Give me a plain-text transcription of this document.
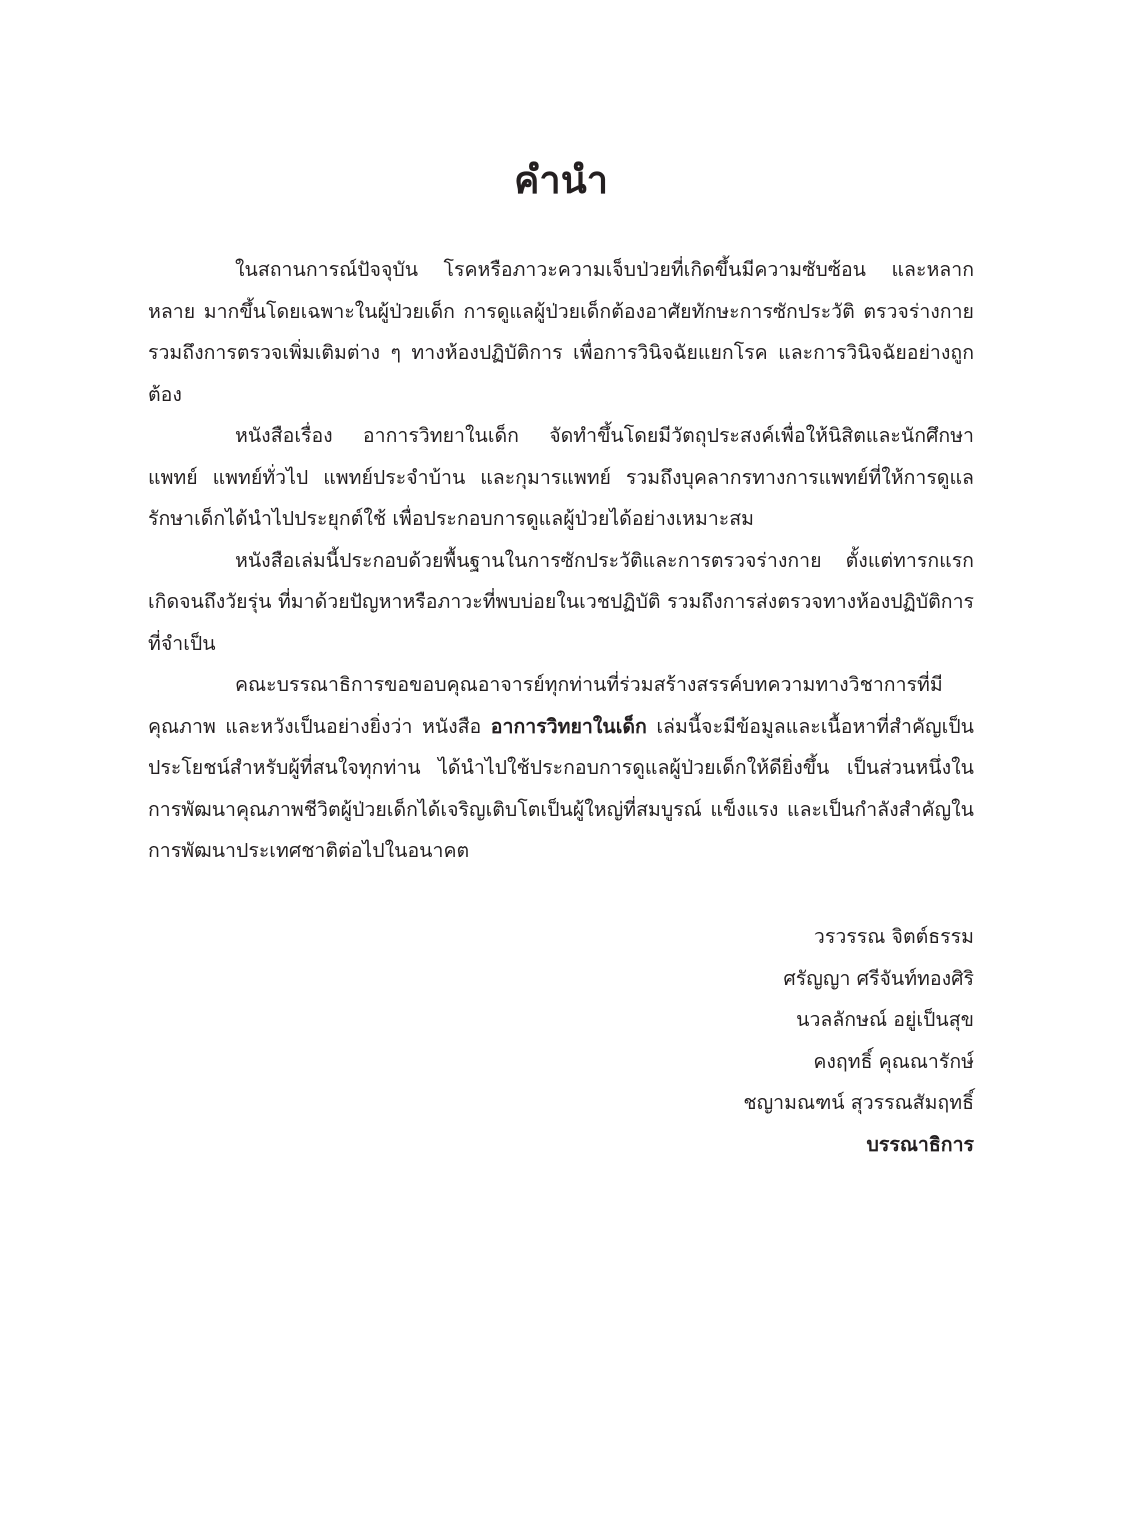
คำนำ

ในสถานการณ์ปัจจุบัน โรคหรือภาวะความเจ็บป่วยที่เกิดขึ้นมีความซับซ้อน และหลากหลาย มากขึ้นโดยเฉพาะในผู้ป่วยเด็ก การดูแลผู้ป่วยเด็กต้องอาศัยทักษะการซักประวัติ ตรวจร่างกายรวมถึงการตรวจเพิ่มเติมต่าง ๆ ทางห้องปฏิบัติการ เพื่อการวินิจฉัยแยกโรค และการวินิจฉัยอย่างถูกต้อง

หนังสือเรื่อง อาการวิทยาในเด็ก จัดทำขึ้นโดยมีวัตถุประสงค์เพื่อให้นิสิตและนักศึกษาแพทย์ แพทย์ทั่วไป แพทย์ประจำบ้าน และกุมารแพทย์ รวมถึงบุคลากรทางการแพทย์ที่ให้การดูแลรักษาเด็กได้นำไปประยุกต์ใช้ เพื่อประกอบการดูแลผู้ป่วยได้อย่างเหมาะสม

หนังสือเล่มนี้ประกอบด้วยพื้นฐานในการซักประวัติและการตรวจร่างกาย ตั้งแต่ทารกแรกเกิดจนถึงวัยรุ่น ที่มาด้วยปัญหาหรือภาวะที่พบบ่อยในเวชปฏิบัติ รวมถึงการส่งตรวจทางห้องปฏิบัติการที่จำเป็น

คณะบรรณาธิการขอขอบคุณอาจารย์ทุกท่านที่ร่วมสร้างสรรค์บทความทางวิชาการที่มีคุณภาพ และหวังเป็นอย่างยิ่งว่า หนังสือ อาการวิทยาในเด็ก เล่มนี้จะมีข้อมูลและเนื้อหาที่สำคัญเป็นประโยชน์สำหรับผู้ที่สนใจทุกท่าน ได้นำไปใช้ประกอบการดูแลผู้ป่วยเด็กให้ดียิ่งขึ้น เป็นส่วนหนึ่งในการพัฒนาคุณภาพชีวิตผู้ป่วยเด็กได้เจริญเติบโตเป็นผู้ใหญ่ที่สมบูรณ์ แข็งแรง และเป็นกำลังสำคัญในการพัฒนาประเทศชาติต่อไปในอนาคต

วรวรรณ จิตต์ธรรม
ศรัญญา ศรีจันท์ทองศิริ
นวลลักษณ์ อยู่เป็นสุข
คงฤทธิ์ คุณณารักษ์
ชญามณฑน์ สุวรรณสัมฤทธิ์
บรรณาธิการ
